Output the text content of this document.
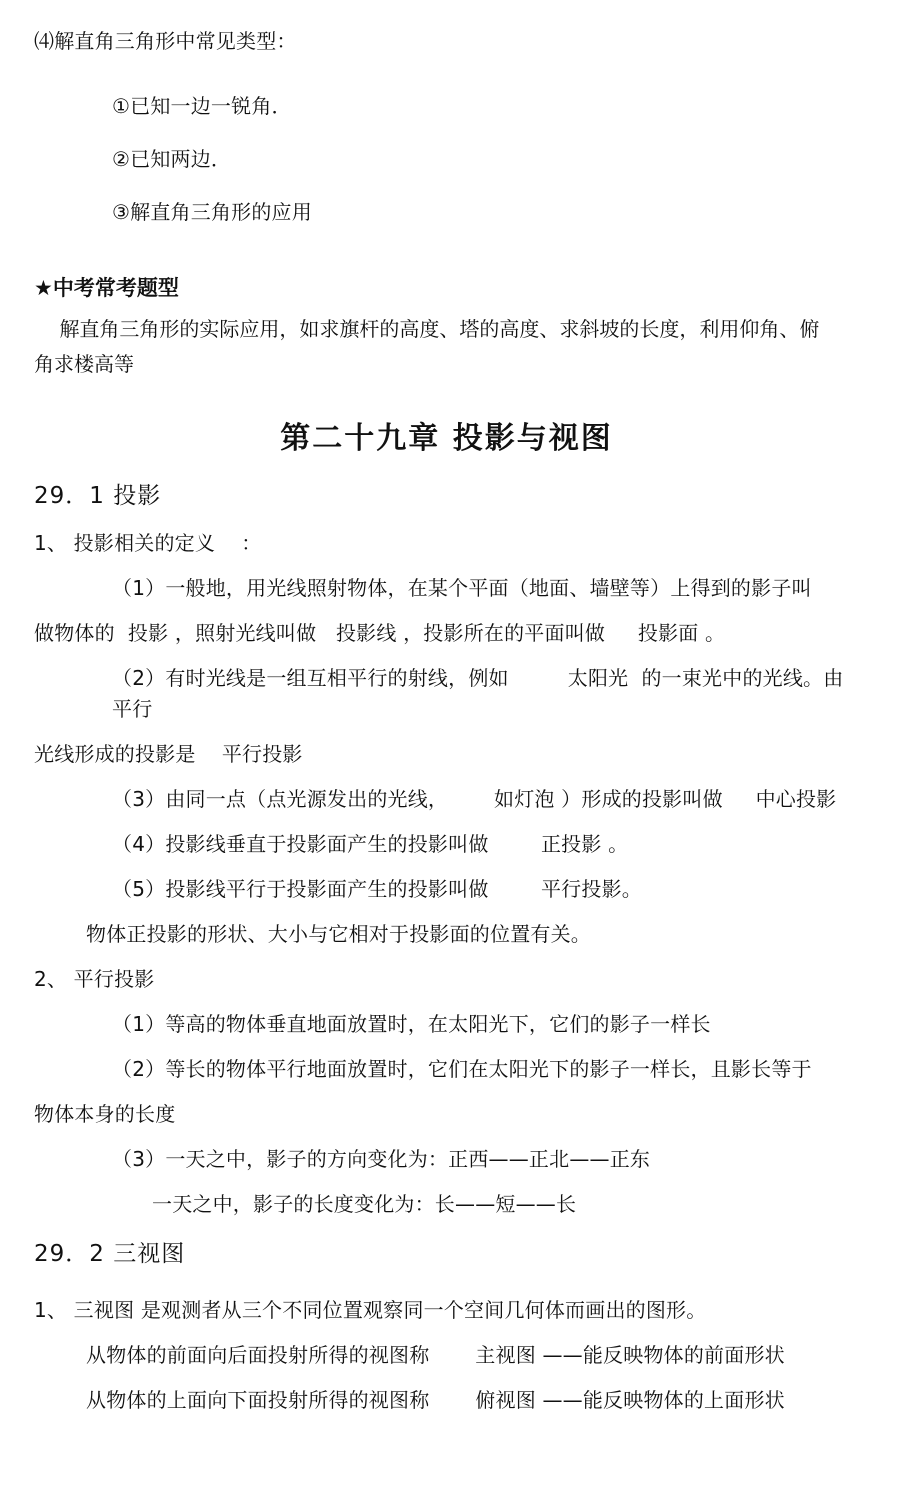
⑷解直角三角形中常见类型：
①已知一边一锐角．
②已知两边．
③解直角三角形的应用
★中考常考题型
解直角三角形的实际应用，如求旗杆的高度、塔的高度、求斜坡的长度，利用仰角、俯
角求楼高等
第二十九章 投影与视图
29．1 投影
1、 投影相关的定义    ：
（1）一般地，用光线照射物体，在某个平面（地面、墙壁等）上得到的影子叫
做物体的  投影 ，照射光线叫做   投影线 ，投影所在的平面叫做     投影面 。
（2）有时光线是一组互相平行的射线，例如         太阳光  的一束光中的光线。由平行
光线形成的投影是    平行投影
（3）由同一点（点光源发出的光线，       如灯泡 ）形成的投影叫做     中心投影
（4）投影线垂直于投影面产生的投影叫做        正投影 。
（5）投影线平行于投影面产生的投影叫做        平行投影。
物体正投影的形状、大小与它相对于投影面的位置有关。
2、 平行投影
（1）等高的物体垂直地面放置时，在太阳光下，它们的影子一样长
（2）等长的物体平行地面放置时，它们在太阳光下的影子一样长，且影长等于
物体本身的长度
（3）一天之中，影子的方向变化为：正西——正北——正东
一天之中，影子的长度变化为：长——短——长
29．2 三视图
1、 三视图 是观测者从三个不同位置观察同一个空间几何体而画出的图形。
从物体的前面向后面投射所得的视图称       主视图 ——能反映物体的前面形状
从物体的上面向下面投射所得的视图称       俯视图 ——能反映物体的上面形状
